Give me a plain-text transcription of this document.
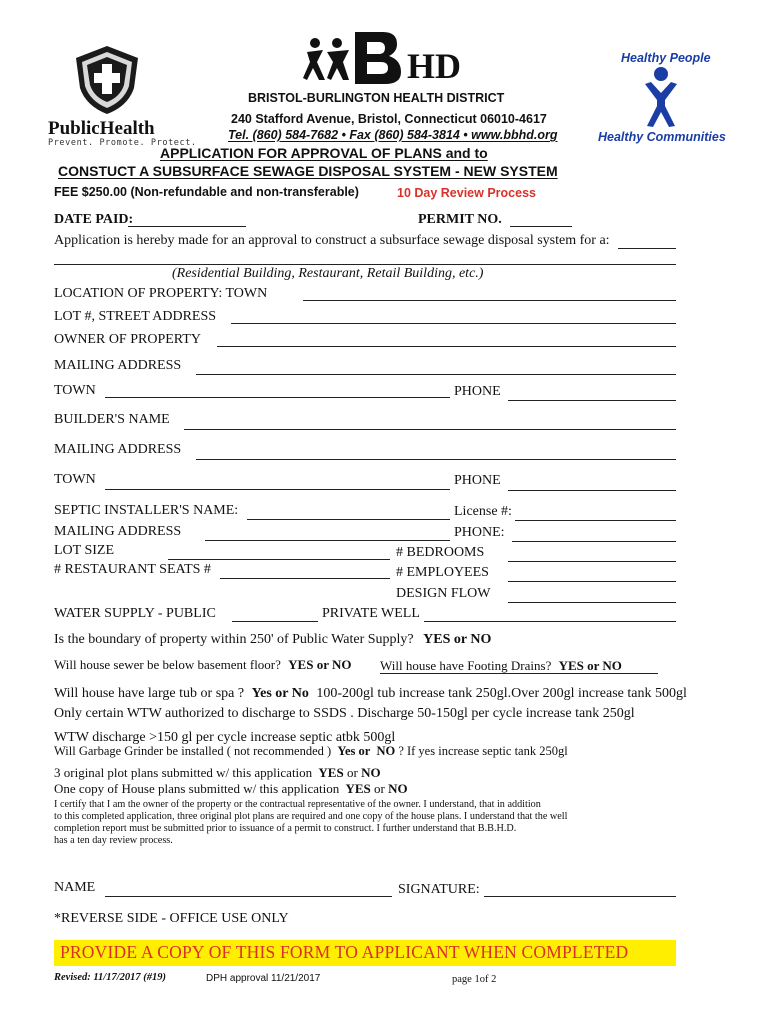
PublicHealth
Prevent. Promote. Protect.
HD
BRISTOL-BURLINGTON HEALTH DISTRICT
240 Stafford Avenue, Bristol, Connecticut 06010-4617
Tel. (860) 584-7682 • Fax (860) 584-3814 • www.bbhd.org
Healthy People
Healthy Communities
APPLICATION FOR APPROVAL OF PLANS and to
CONSTUCT A SUBSURFACE SEWAGE DISPOSAL SYSTEM - NEW SYSTEM
FEE $250.00 (Non-refundable and non-transferable)	10 Day Review Process
DATE PAID:	PERMIT NO.
Application is hereby made for an approval to construct a subsurface sewage disposal system for a:
(Residential Building, Restaurant, Retail Building, etc.)
LOCATION OF PROPERTY: TOWN
LOT #, STREET ADDRESS
OWNER OF PROPERTY
MAILING ADDRESS
TOWN	PHONE
BUILDER'S NAME
MAILING ADDRESS
TOWN	PHONE
SEPTIC INSTALLER'S NAME:	License #:
MAILING ADDRESS	PHONE:
LOT SIZE	# BEDROOMS
# RESTAURANT SEATS #	# EMPLOYEES
DESIGN FLOW
WATER SUPPLY - PUBLIC	PRIVATE WELL
Is the boundary of property within 250' of Public Water Supply? YES or NO
Will house sewer be below basement floor? YES or NO Will house have Footing Drains? YES or NO
Will house have large tub or spa ? Yes or No 100-200gl tub increase tank 250gl.Over 200gl increase tank 500gl
Only certain WTW authorized to discharge to SSDS . Discharge 50-150gl per cycle increase tank 250gl
WTW discharge >150 gl per cycle increase septic atbk 500gl
Will Garbage Grinder be installed ( not recommended ) Yes or NO ? If yes increase septic tank 250gl
3 original plot plans submitted w/ this application YES or NO
One copy of House plans submitted w/ this application YES or NO
I certify that I am the owner of the property or the contractual representative of the owner. I understand, that in addition
to this completed application, three original plot plans are required and one copy of the house plans. I understand that the well
completion report must be submitted prior to issuance of a permit to construct. I further understand that B.B.H.D.
has a ten day review process.
NAME	SIGNATURE:
*REVERSE SIDE - OFFICE USE ONLY
PROVIDE A COPY OF THIS FORM TO APPLICANT WHEN COMPLETED
Revised: 11/17/2017 (#19)	DPH approval 11/21/2017	page 1of 2
